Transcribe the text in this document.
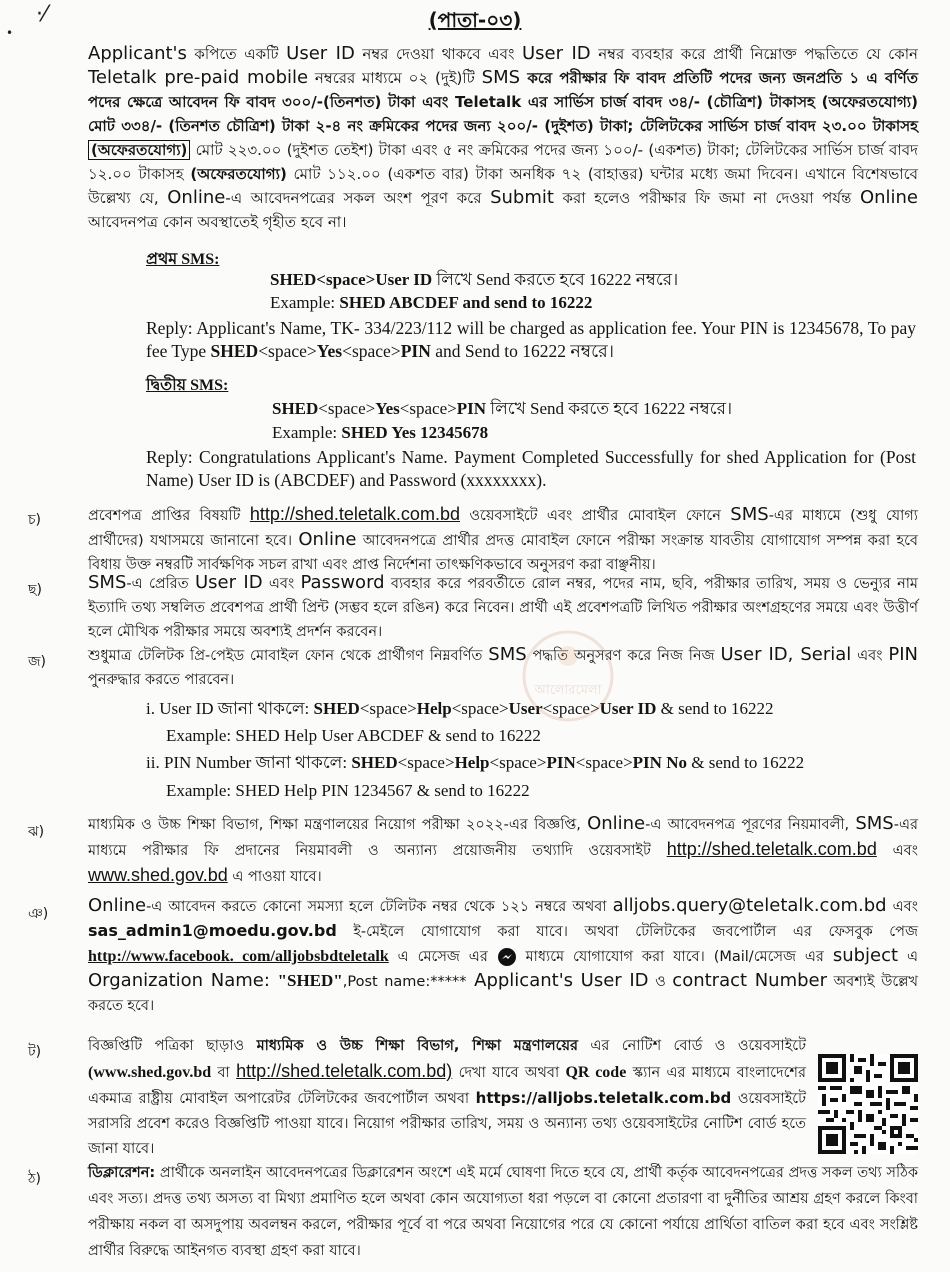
·⁄
•
(পাতা-০৩)
Applicant's কপিতে একটি User ID নম্বর দেওয়া থাকবে এবং User ID নম্বর ব্যবহার করে প্রার্থী নিম্নোক্ত পদ্ধতিতে যে কোন Teletalk pre-paid mobile নম্বরের মাধ্যমে ০২ (দুই)টি SMS করে পরীক্ষার ফি বাবদ প্রতিটি পদের জন্য জনপ্রতি ১ এ বর্ণিত পদের ক্ষেত্রে আবেদন ফি বাবদ ৩০০/-(তিনশত) টাকা এবং Teletalk এর সার্ভিস চার্জ বাবদ ৩৪/- (চৌত্রিশ) টাকাসহ (অফেরতযোগ্য) মোট ৩৩৪/- (তিনশত চৌত্রিশ) টাকা ২-৪ নং ক্রমিকের পদের জন্য ২০০/- (দুইশত) টাকা; টেলিটকের সার্ভিস চার্জ বাবদ ২৩.০০ টাকাসহ (অফেরতযোগ্য) মোট ২২৩.০০ (দুইশত তেইশ) টাকা এবং ৫ নং ক্রমিকের পদের জন্য ১০০/- (একশত) টাকা; টেলিটকের সার্ভিস চার্জ বাবদ ১২.০০ টাকাসহ (অফেরতযোগ্য) মোট ১১২.০০ (একশত বার) টাকা অনধিক ৭২ (বাহাত্তর) ঘন্টার মধ্যে জমা দিবেন। এখানে বিশেষভাবে উল্লেখ্য যে, Online-এ আবেদনপত্রের সকল অংশ পূরণ করে Submit করা হলেও পরীক্ষার ফি জমা না দেওয়া পর্যন্ত Online আবেদনপত্র কোন অবস্থাতেই গৃহীত হবে না।
প্রথম SMS:
SHED<space>User ID লিখে Send করতে হবে 16222 নম্বরে।
Example: SHED ABCDEF and send to 16222
Reply: Applicant's Name, TK- 334/223/112 will be charged as application fee. Your PIN is 12345678, To pay fee Type SHED<space>Yes<space>PIN and Send to 16222 নম্বরে।
দ্বিতীয় SMS:
SHED<space>Yes<space>PIN লিখে Send করতে হবে 16222 নম্বরে।
Example: SHED Yes 12345678
Reply: Congratulations Applicant's Name. Payment Completed Successfully for shed Application for (Post Name) User ID is (ABCDEF) and Password (xxxxxxxx).
চ)	প্রবেশপত্র প্রাপ্তির বিষয়টি http://shed.teletalk.com.bd ওয়েবসাইটে এবং প্রার্থীর মোবাইল ফোনে SMS-এর মাধ্যমে (শুধু যোগ্য প্রার্থীদের) যথাসময়ে জানানো হবে। Online আবেদনপত্রে প্রার্থীর প্রদত্ত মোবাইল ফোনে পরীক্ষা সংক্রান্ত যাবতীয় যোগাযোগ সম্পন্ন করা হবে বিধায় উক্ত নম্বরটি সার্বক্ষণিক সচল রাখা এবং প্রাপ্ত নির্দেশনা তাৎক্ষণিকভাবে অনুসরণ করা বাঞ্ছনীয়।
ছ)	SMS-এ প্রেরিত User ID এবং Password ব্যবহার করে পরবর্তীতে রোল নম্বর, পদের নাম, ছবি, পরীক্ষার তারিখ, সময় ও ভেন্যুর নাম ইত্যাদি তথ্য সম্বলিত প্রবেশপত্র প্রার্থী প্রিন্ট (সম্ভব হলে রঙিন) করে নিবেন। প্রার্থী এই প্রবেশপত্রটি লিখিত পরীক্ষার অংশগ্রহণের সময়ে এবং উত্তীর্ণ হলে মৌখিক পরীক্ষার সময়ে অবশ্যই প্রদর্শন করবেন।
জ)	শুধুমাত্র টেলিটক প্রি-পেইড মোবাইল ফোন থেকে প্রার্থীগণ নিম্নবর্ণিত SMS পদ্ধতি অনুসরণ করে নিজ নিজ User ID, Serial এবং PIN পুনরুদ্ধার করতে পারবেন।
i. User ID জানা থাকলে: SHED<space>Help<space>User<space>User ID & send to 16222
Example: SHED Help User ABCDEF & send to 16222
ii. PIN Number জানা থাকলে: SHED<space>Help<space>PIN<space>PIN No & send to 16222
Example: SHED Help PIN 1234567 & send to 16222
ঝ)	মাধ্যমিক ও উচ্চ শিক্ষা বিভাগ, শিক্ষা মন্ত্রণালয়ের নিয়োগ পরীক্ষা ২০২২-এর বিজ্ঞপ্তি, Online-এ আবেদনপত্র পূরণের নিয়মাবলী, SMS-এর মাধ্যমে পরীক্ষার ফি প্রদানের নিয়মাবলী ও অন্যান্য প্রয়োজনীয় তথ্যাদি ওয়েবসাইট http://shed.teletalk.com.bd এবং www.shed.gov.bd এ পাওয়া যাবে।
ঞ) Online-এ আবেদন করতে কোনো সমস্যা হলে টেলিটক নম্বর থেকে ১২১ নম্বরে অথবা alljobs.query@teletalk.com.bd এবং sas_admin1@moedu.gov.bd ই-মেইলে যোগাযোগ করা যাবে। অথবা টেলিটকের জবপোর্টাল এর ফেসবুক পেজ http://www.facebook. com/alljobsbdteletalk এ মেসেজ এর  মাধ্যমে যোগাযোগ করা যাবে। (Mail/মেসেজ এর subject এ Organization Name: "SHED",Post name:***** Applicant's User ID ও contract Number অবশ্যই উল্লেখ করতে হবে।
ট)	বিজ্ঞপ্তিটি পত্রিকা ছাড়াও মাধ্যমিক ও উচ্চ শিক্ষা বিভাগ, শিক্ষা মন্ত্রণালয়ের এর নোটিশ বোর্ড ও ওয়েবসাইটে (www.shed.gov.bd বা http://shed.teletalk.com.bd) দেখা যাবে অথবা QR code স্ক্যান এর মাধ্যমে বাংলাদেশের একমাত্র রাষ্ট্রীয় মোবাইল অপারেটর টেলিটকের জবপোর্টাল অথবা https://alljobs.teletalk.com.bd ওয়েবসাইটে সরাসরি প্রবেশ করেও বিজ্ঞপ্তিটি পাওয়া যাবে। নিয়োগ পরীক্ষার তারিখ, সময় ও অন্যান্য তথ্য ওয়েবসাইটের নোটিশ বোর্ড হতে জানা যাবে।
ঠ)	ডিক্লারেশন: প্রার্থীকে অনলাইন আবেদনপত্রের ডিক্লারেশন অংশে এই মর্মে ঘোষণা দিতে হবে যে, প্রার্থী কর্তৃক আবেদনপত্রের প্রদত্ত সকল তথ্য সঠিক এবং সত্য। প্রদত্ত তথ্য অসত্য বা মিথ্যা প্রমাণিত হলে অথবা কোন অযোগ্যতা ধরা পড়লে বা কোনো প্রতারণা বা দুর্নীতির আশ্রয় গ্রহণ করলে কিংবা পরীক্ষায় নকল বা অসদুপায় অবলম্বন করলে, পরীক্ষার পূর্বে বা পরে অথবা নিয়োগের পরে যে কোনো পর্যায়ে প্রার্থিতা বাতিল করা হবে এবং সংশ্লিষ্ট প্রার্থীর বিরুদ্ধে আইনগত ব্যবস্থা গ্রহণ করা যাবে।
আলোরমেলা
